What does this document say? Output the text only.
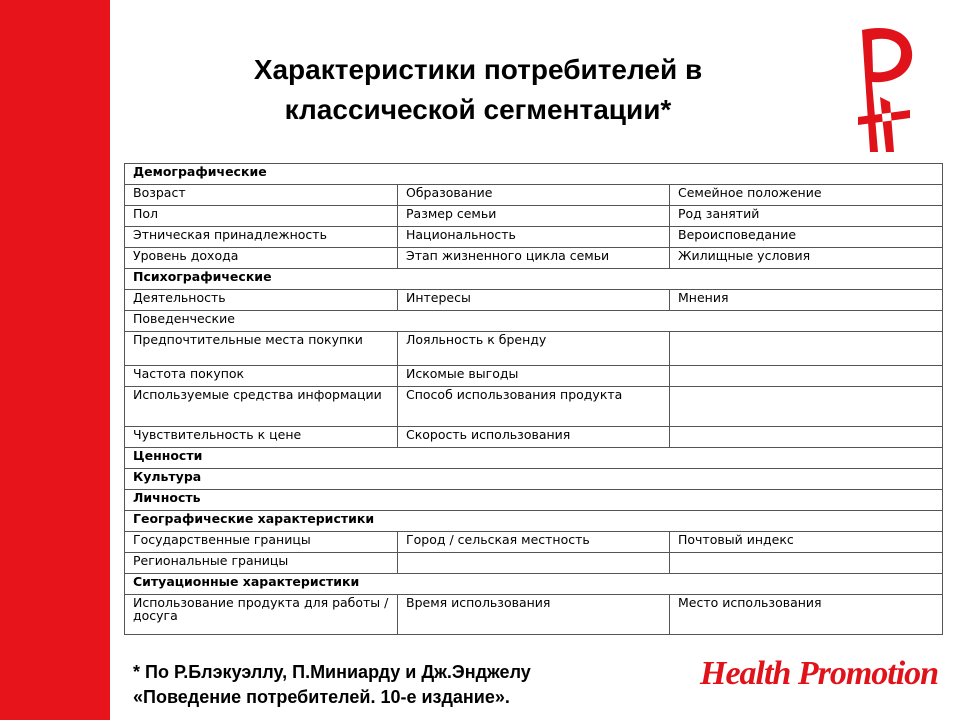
Характеристики потребителей в
классической сегментации*
Демографические		
Возраст	Образование	Семейное положение
Пол	Размер семьи	Род занятий
Этническая принадлежность	Национальность	Вероисповедание
Уровень дохода	Этап жизненного цикла семьи	Жилищные условия
Психографические		
Деятельность	Интересы	Мнения
Поведенческие		
Предпочтительные места покупки	Лояльность к бренду	
Частота покупок	Искомые выгоды	
Используемые средства информации	Способ использования продукта	
Чувствительность к цене	Скорость использования	
Ценности		
Культура		
Личность		
Географические характеристики		
Государственные границы	Город / сельская местность	Почтовый индекс
Региональные границы		
Ситуационные характеристики		
Использование продукта для работы / досуга	Время использования	Место использования
* По Р.Блэкуэллу, П.Миниарду и Дж.Энджелу
«Поведение потребителей. 10-е издание».
Health Promotion
